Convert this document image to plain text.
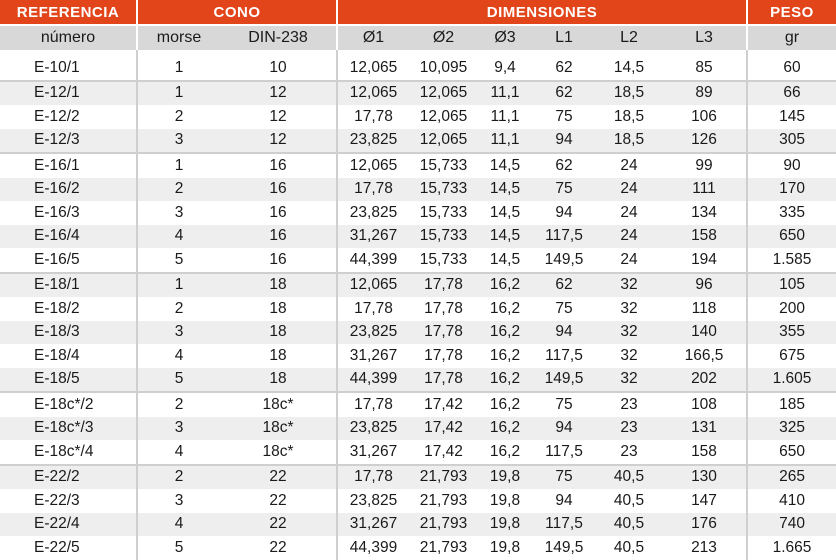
REFERENCIA	CONO		DIMENSIONES						PESO
número	morse	DIN-238	Ø1	Ø2	Ø3	L1	L2	L3	gr

E-10/1	1	10	12,065	10,095	9,4	62	14,5	85	60
E-12/1	1	12	12,065	12,065	11,1	62	18,5	89	66
E-12/2	2	12	17,78	12,065	11,1	75	18,5	106	145
E-12/3	3	12	23,825	12,065	11,1	94	18,5	126	305
E-16/1	1	16	12,065	15,733	14,5	62	24	99	90
E-16/2	2	16	17,78	15,733	14,5	75	24	111	170
E-16/3	3	16	23,825	15,733	14,5	94	24	134	335
E-16/4	4	16	31,267	15,733	14,5	117,5	24	158	650
E-16/5	5	16	44,399	15,733	14,5	149,5	24	194	1.585
E-18/1	1	18	12,065	17,78	16,2	62	32	96	105
E-18/2	2	18	17,78	17,78	16,2	75	32	118	200
E-18/3	3	18	23,825	17,78	16,2	94	32	140	355
E-18/4	4	18	31,267	17,78	16,2	117,5	32	166,5	675
E-18/5	5	18	44,399	17,78	16,2	149,5	32	202	1.605
E-18c*/2	2	18c*	17,78	17,42	16,2	75	23	108	185
E-18c*/3	3	18c*	23,825	17,42	16,2	94	23	131	325
E-18c*/4	4	18c*	31,267	17,42	16,2	117,5	23	158	650
E-22/2	2	22	17,78	21,793	19,8	75	40,5	130	265
E-22/3	3	22	23,825	21,793	19,8	94	40,5	147	410
E-22/4	4	22	31,267	21,793	19,8	117,5	40,5	176	740
E-22/5	5	22	44,399	21,793	19,8	149,5	40,5	213	1.665
